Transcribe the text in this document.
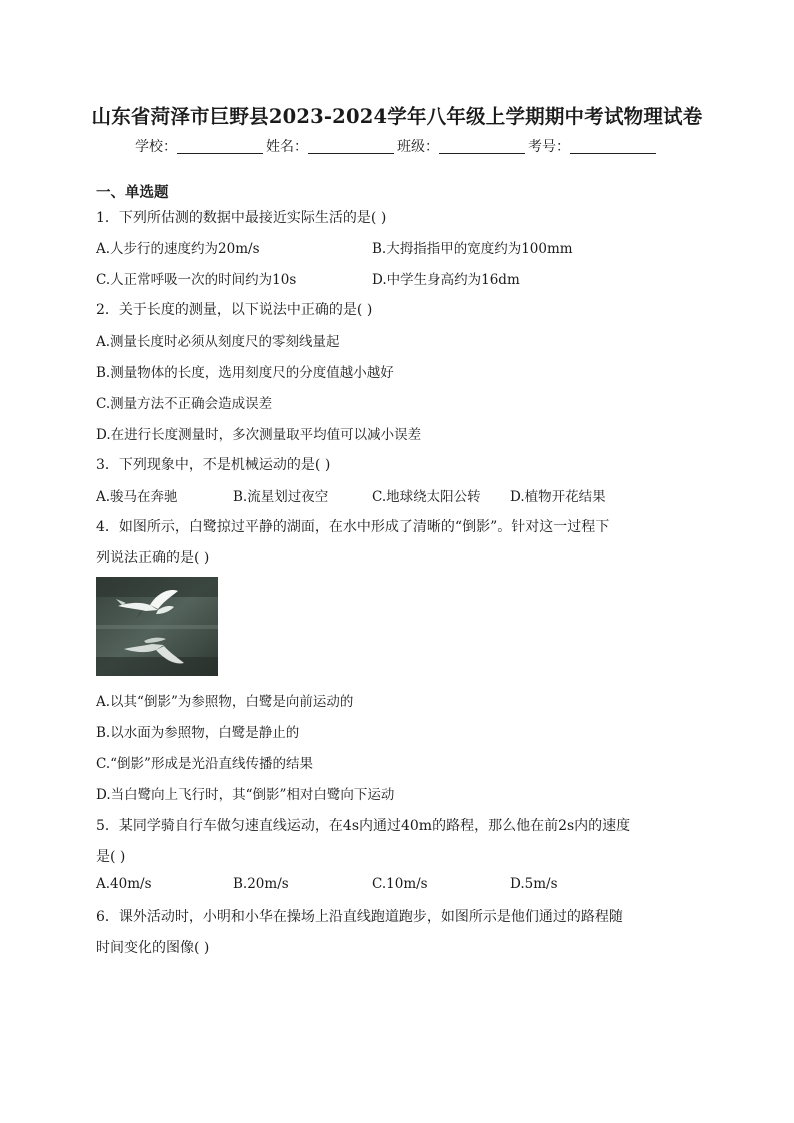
山东省菏泽市巨野县2023-2024学年八年级上学期期中考试物理试卷
学校：	姓名：	班级：	考号：
一、单选题
1．下列所估测的数据中最接近实际生活的是( )
A.人步行的速度约为20m/s	B.大拇指指甲的宽度约为100mm
C.人正常呼吸一次的时间约为10s	D.中学生身高约为16dm
2．关于长度的测量，以下说法中正确的是( )
A.测量长度时必须从刻度尺的零刻线量起
B.测量物体的长度，选用刻度尺的分度值越小越好
C.测量方法不正确会造成误差
D.在进行长度测量时，多次测量取平均值可以减小误差
3．下列现象中，不是机械运动的是( )
A.骏马在奔驰	B.流星划过夜空	C.地球绕太阳公转 D.植物开花结果
4．如图所示，白鹭掠过平静的湖面，在水中形成了清晰的“倒影”。针对这一过程下
列说法正确的是( )
A.以其“倒影”为参照物，白鹭是向前运动的
B.以水面为参照物，白鹭是静止的
C.“倒影”形成是光沿直线传播的结果
D.当白鹭向上飞行时，其“倒影”相对白鹭向下运动
5．某同学骑自行车做匀速直线运动，在4s内通过40m的路程，那么他在前2s内的速度
是( )
A.40m/s	B.20m/s	C.10m/s	D.5m/s
6．课外活动时，小明和小华在操场上沿直线跑道跑步，如图所示是他们通过的路程随
时间变化的图像( )
